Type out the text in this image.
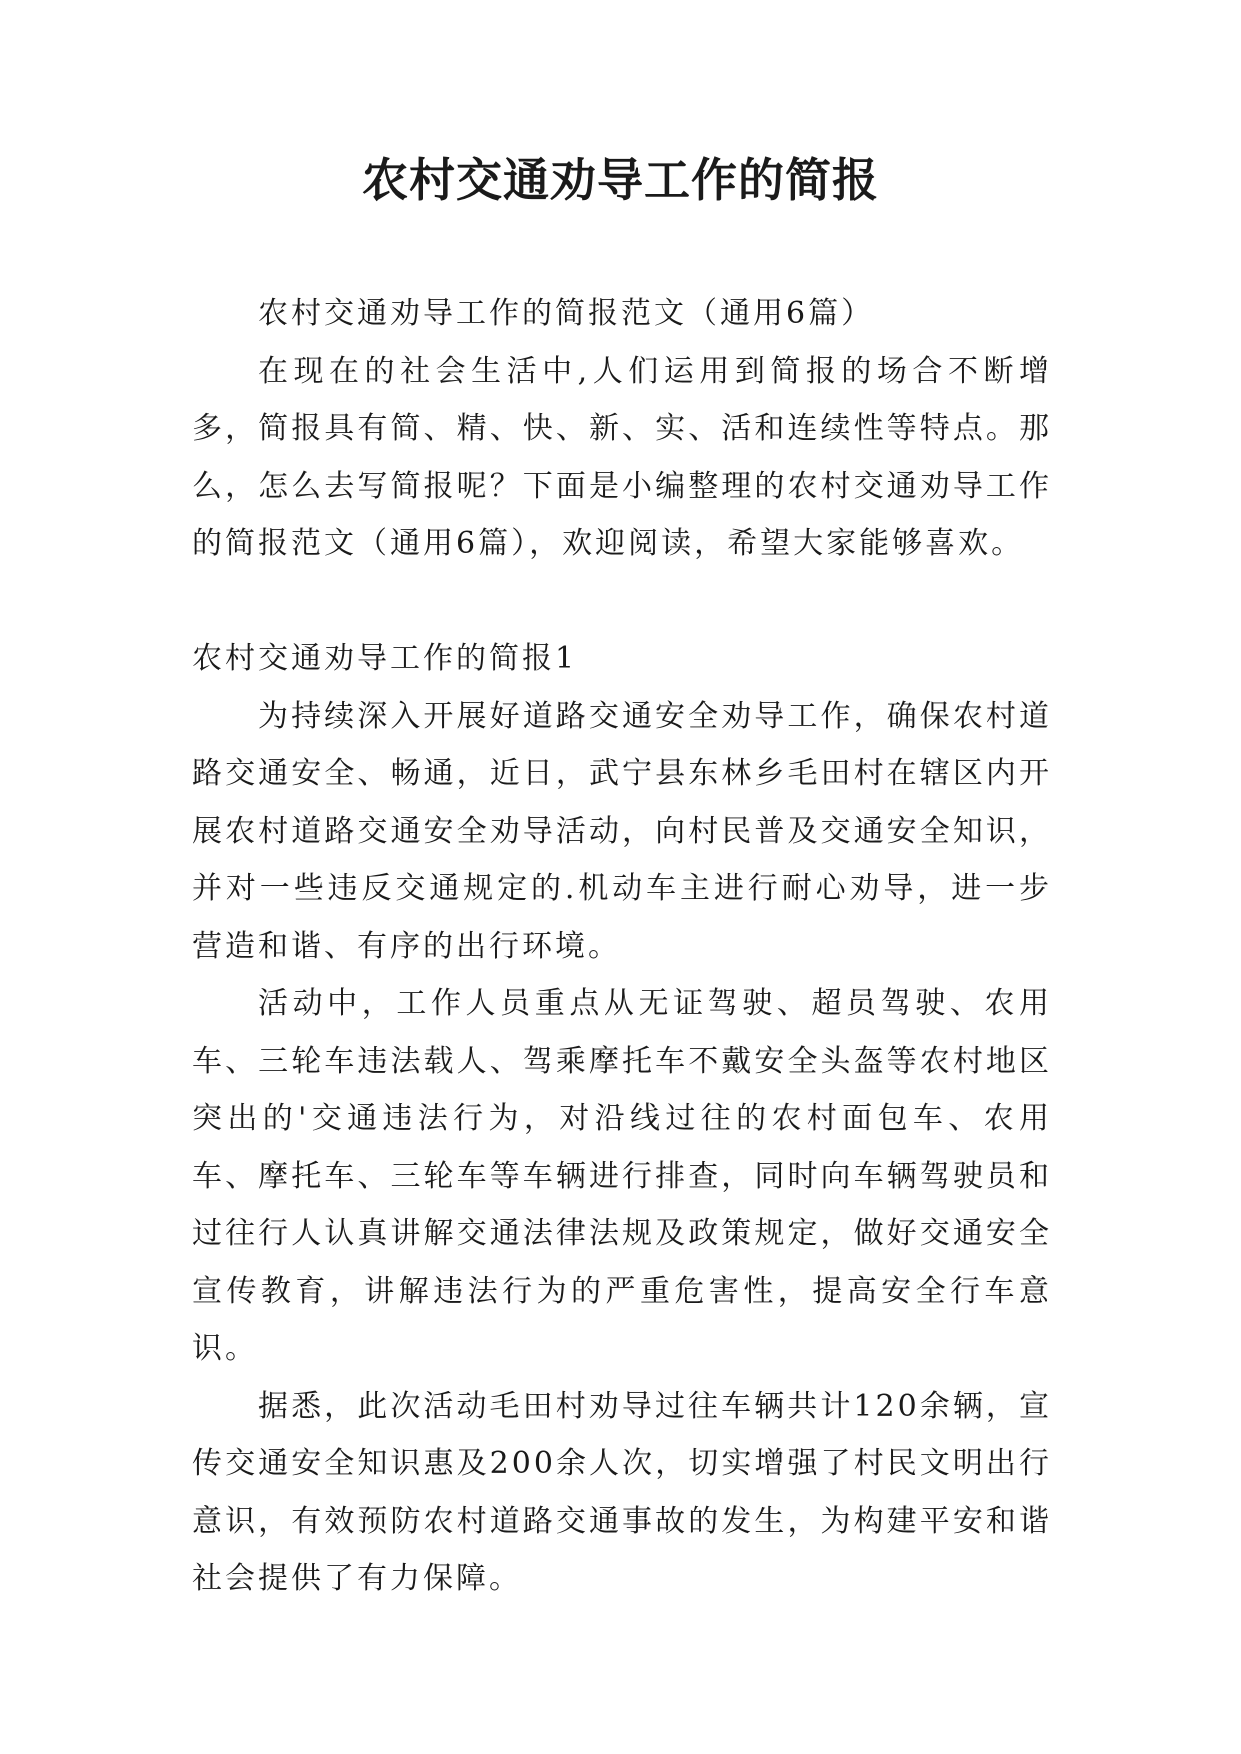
农村交通劝导工作的简报

农村交通劝导工作的简报范文（通用6篇）

在现在的社会生活中,人们运用到简报的场合不断增多，简报具有简、精、快、新、实、活和连续性等特点。那么，怎么去写简报呢？下面是小编整理的农村交通劝导工作的简报范文（通用6篇），欢迎阅读，希望大家能够喜欢。

农村交通劝导工作的简报1

为持续深入开展好道路交通安全劝导工作，确保农村道路交通安全、畅通，近日，武宁县东林乡毛田村在辖区内开展农村道路交通安全劝导活动，向村民普及交通安全知识，并对一些违反交通规定的.机动车主进行耐心劝导，进一步营造和谐、有序的出行环境。

活动中，工作人员重点从无证驾驶、超员驾驶、农用车、三轮车违法载人、驾乘摩托车不戴安全头盔等农村地区突出的'交通违法行为，对沿线过往的农村面包车、农用车、摩托车、三轮车等车辆进行排查，同时向车辆驾驶员和过往行人认真讲解交通法律法规及政策规定，做好交通安全宣传教育，讲解违法行为的严重危害性，提高安全行车意识。

据悉，此次活动毛田村劝导过往车辆共计120余辆，宣传交通安全知识惠及200余人次，切实增强了村民文明出行意识，有效预防农村道路交通事故的发生，为构建平安和谐社会提供了有力保障。
